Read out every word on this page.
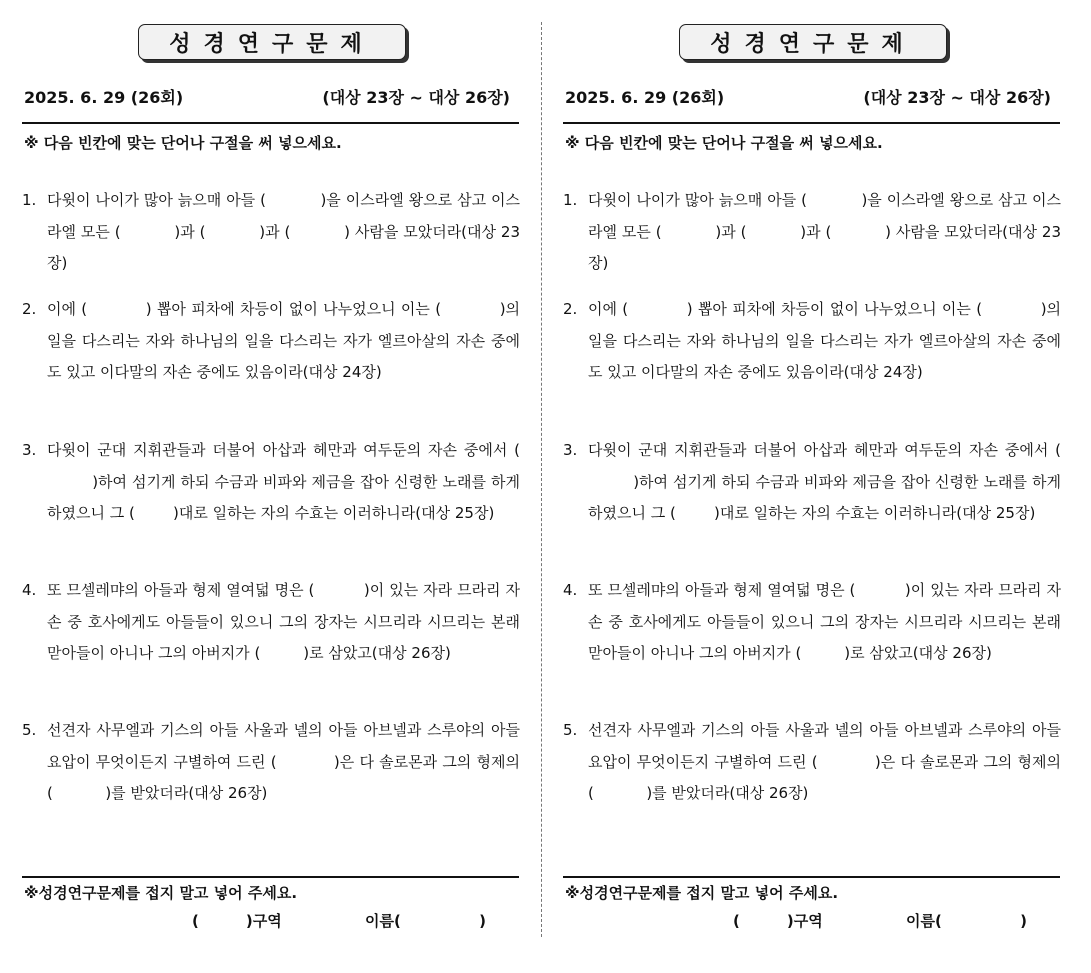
성경연구문제
2025. 6. 29 (26회)	(대상 23장 ~ 대상 26장)
※ 다음 빈칸에 맞는 단어나 구절을 써 넣으세요.
1. 다윗이 나이가 많아 늙으매 아들 (	)을 이스라엘 왕으로 삼고 이스라엘 모든 (	)과 (	)과 (	) 사람을 모았더라(대상 23장)
2. 이에 (	) 뽑아 피차에 차등이 없이 나누었으니 이는 (	)의 일을 다스리는 자와 하나님의 일을 다스리는 자가 엘르아살의 자손 중에도 있고 이다말의 자손 중에도 있음이라(대상 24장)
3. 다윗이 군대 지휘관들과 더불어 아삽과 헤만과 여두둔의 자손 중에서 (         )하여 섬기게 하되 수금과 비파와 제금을 잡아 신령한 노래를 하게 하였으니 그 (	)대로 일하는 자의 수효는 이러하니라(대상 25장)
4. 또 므셀레먀의 아들과 형제 열여덟 명은 (	)이 있는 자라 므라리 자손 중 호사에게도 아들들이 있으니 그의 장자는 시므리라 시므리는 본래 맏아들이 아니나 그의 아버지가 (	)로 삼았고(대상 26장)
5. 선견자 사무엘과 기스의 아들 사울과 넬의 아들 아브넬과 스루야의 아들 요압이 무엇이든지 구별하여 드린 (	)은 다 솔로몬과 그의 형제의 (	)를 받았더라(대상 26장)
※성경연구문제를 접지 말고 넣어 주세요.
(         )구역	이름(               )
성경연구문제
2025. 6. 29 (26회)	(대상 23장 ~ 대상 26장)
※ 다음 빈칸에 맞는 단어나 구절을 써 넣으세요.
1. 다윗이 나이가 많아 늙으매 아들 (	)을 이스라엘 왕으로 삼고 이스라엘 모든 (	)과 (	)과 (	) 사람을 모았더라(대상 23장)
2. 이에 (	) 뽑아 피차에 차등이 없이 나누었으니 이는 (	)의 일을 다스리는 자와 하나님의 일을 다스리는 자가 엘르아살의 자손 중에도 있고 이다말의 자손 중에도 있음이라(대상 24장)
3. 다윗이 군대 지휘관들과 더불어 아삽과 헤만과 여두둔의 자손 중에서 (         )하여 섬기게 하되 수금과 비파와 제금을 잡아 신령한 노래를 하게 하였으니 그 (	)대로 일하는 자의 수효는 이러하니라(대상 25장)
4. 또 므셀레먀의 아들과 형제 열여덟 명은 (	)이 있는 자라 므라리 자손 중 호사에게도 아들들이 있으니 그의 장자는 시므리라 시므리는 본래 맏아들이 아니나 그의 아버지가 (	)로 삼았고(대상 26장)
5. 선견자 사무엘과 기스의 아들 사울과 넬의 아들 아브넬과 스루야의 아들 요압이 무엇이든지 구별하여 드린 (	)은 다 솔로몬과 그의 형제의 (	)를 받았더라(대상 26장)
※성경연구문제를 접지 말고 넣어 주세요.
(         )구역	이름(               )
